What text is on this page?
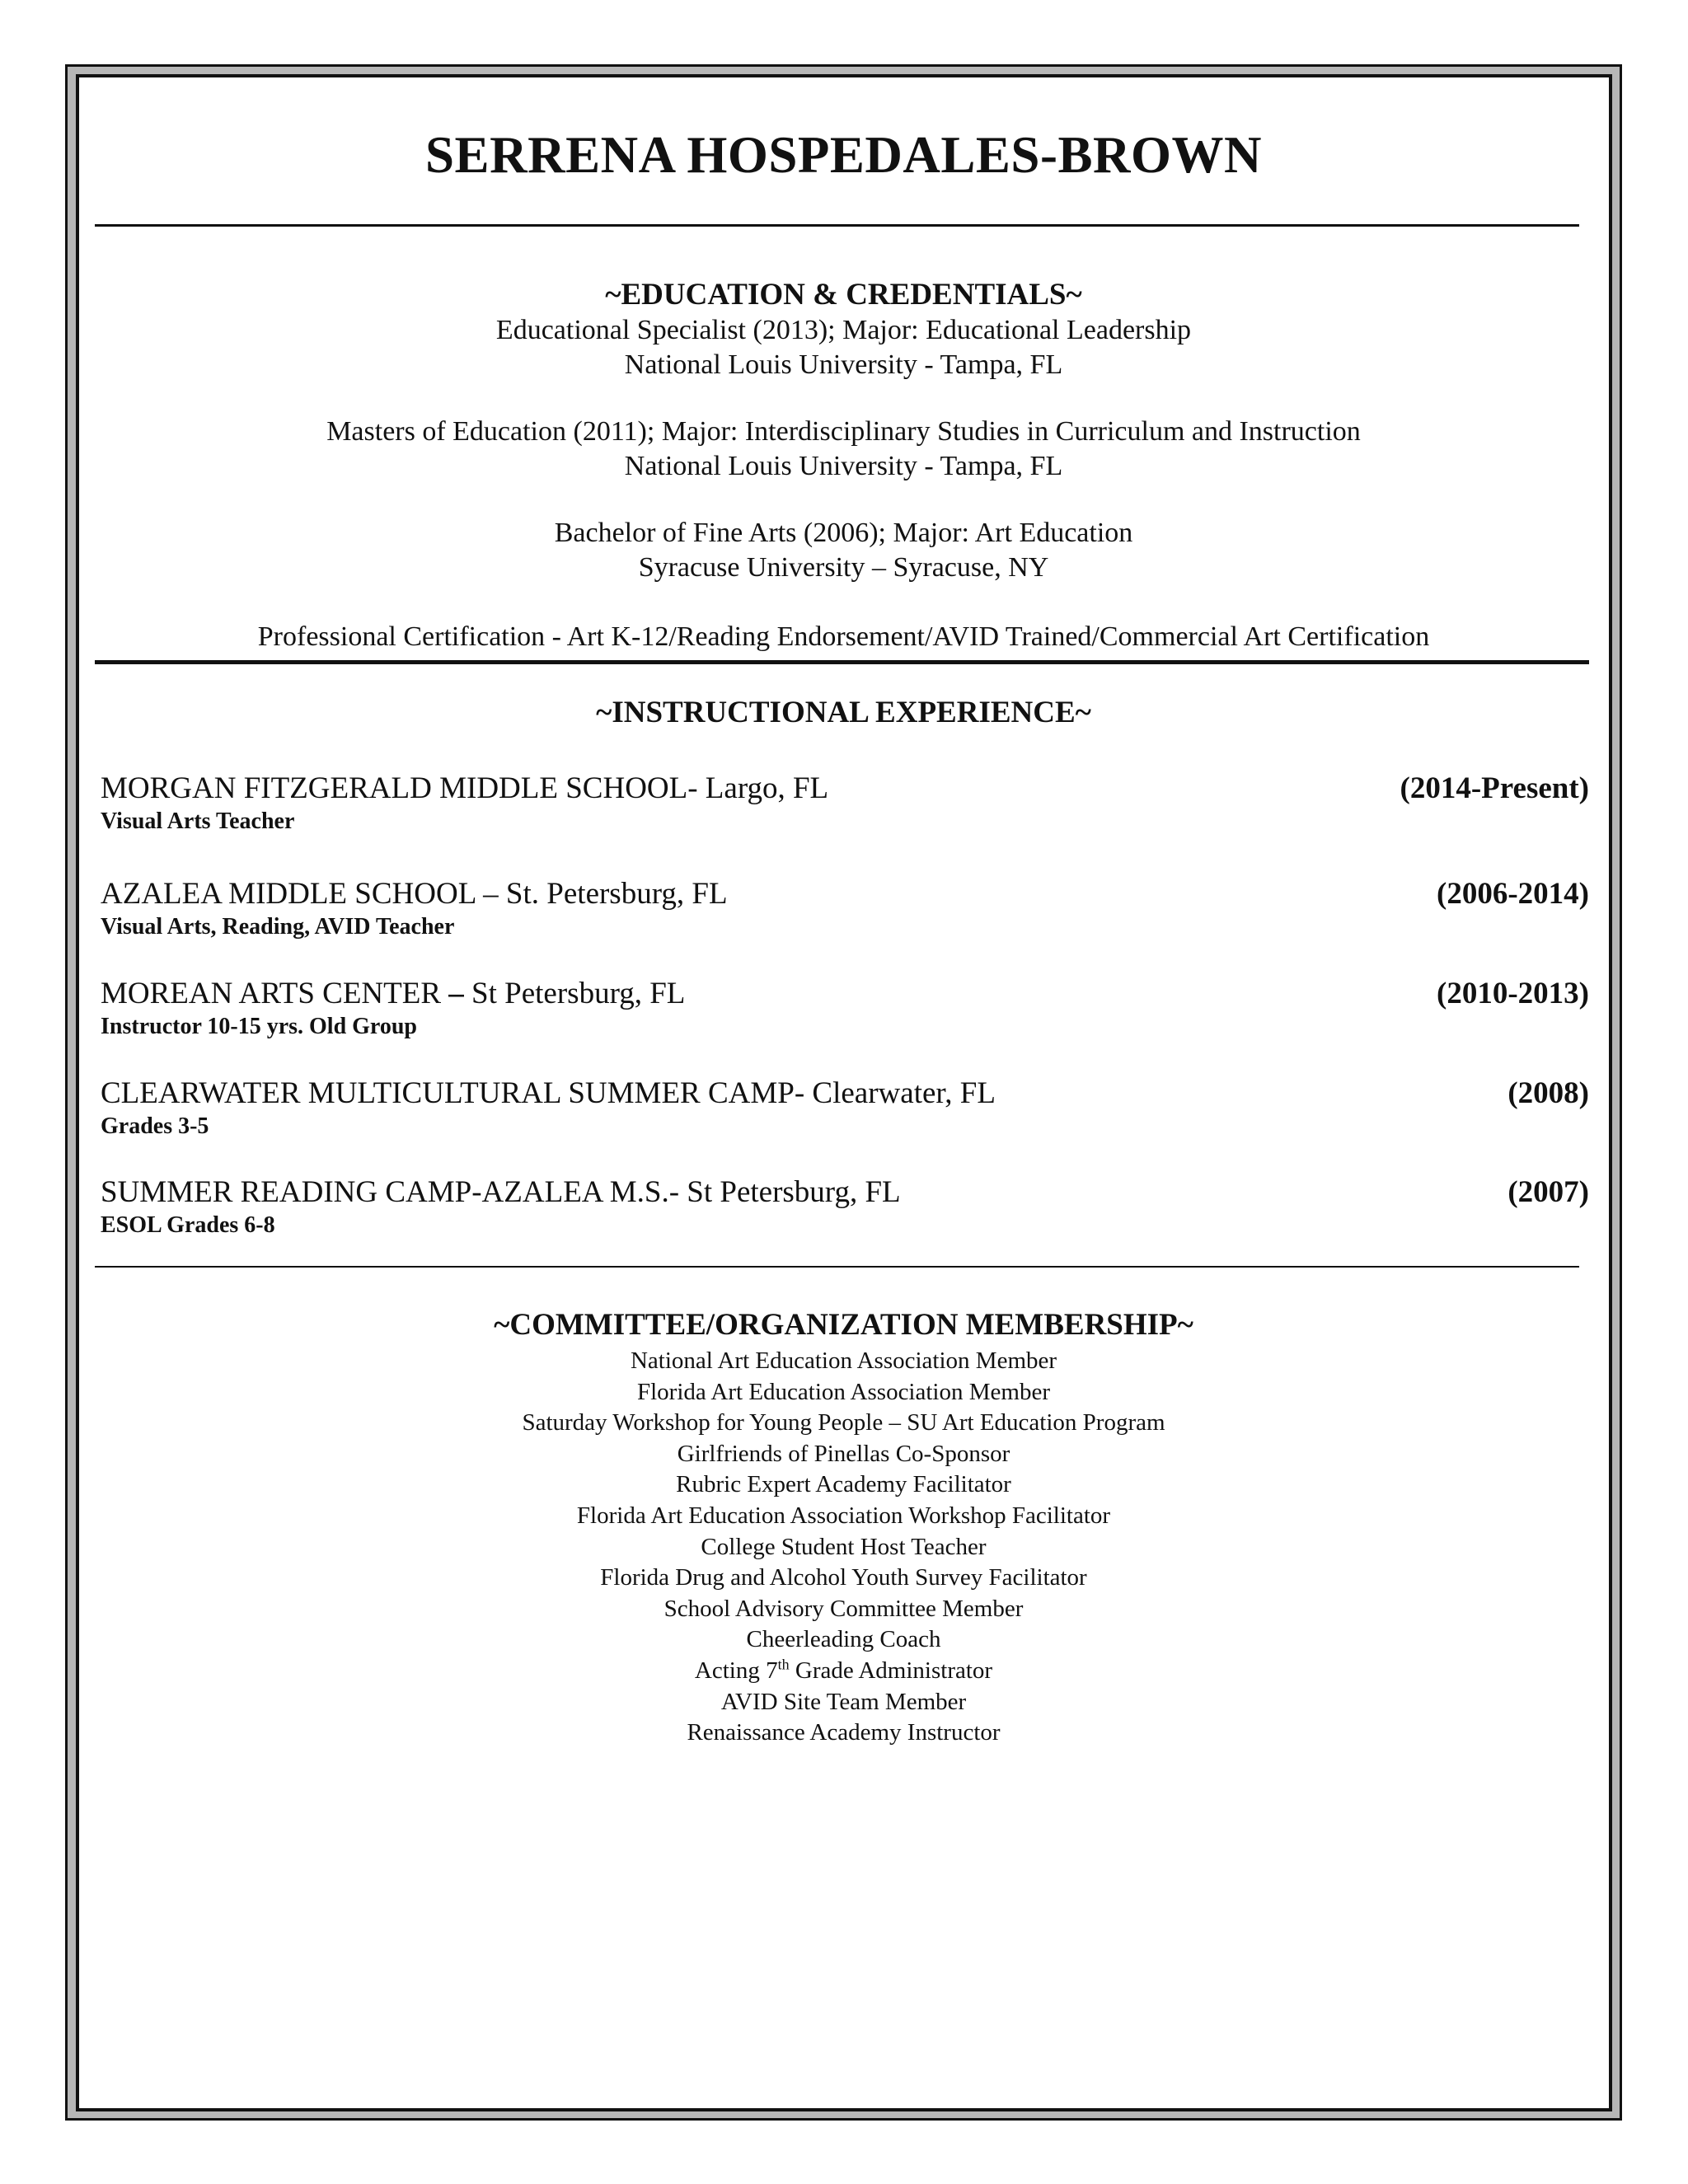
SERRENA HOSPEDALES-BROWN
~EDUCATION & CREDENTIALS~
Educational Specialist (2013); Major: Educational Leadership
National Louis University - Tampa, FL
Masters of Education (2011); Major: Interdisciplinary Studies in Curriculum and Instruction
National Louis University - Tampa, FL
Bachelor of Fine Arts (2006); Major: Art Education
Syracuse University – Syracuse, NY
Professional Certification - Art K-12/Reading Endorsement/AVID Trained/Commercial Art Certification
~INSTRUCTIONAL EXPERIENCE~
MORGAN FITZGERALD MIDDLE SCHOOL- Largo, FL	(2014-Present)
Visual Arts Teacher
AZALEA MIDDLE SCHOOL – St. Petersburg, FL	(2006-2014)
Visual Arts, Reading, AVID Teacher
MOREAN ARTS CENTER – St Petersburg, FL	(2010-2013)
Instructor 10-15 yrs. Old Group
CLEARWATER MULTICULTURAL SUMMER CAMP- Clearwater, FL	(2008)
Grades 3-5
SUMMER READING CAMP-AZALEA M.S.- St Petersburg, FL	(2007)
ESOL Grades 6-8
~COMMITTEE/ORGANIZATION MEMBERSHIP~
National Art Education Association Member
Florida Art Education Association Member
Saturday Workshop for Young People – SU Art Education Program
Girlfriends of Pinellas Co-Sponsor
Rubric Expert Academy Facilitator
Florida Art Education Association Workshop Facilitator
College Student Host Teacher
Florida Drug and Alcohol Youth Survey Facilitator
School Advisory Committee Member
Cheerleading Coach
Acting 7th Grade Administrator
AVID Site Team Member
Renaissance Academy Instructor
